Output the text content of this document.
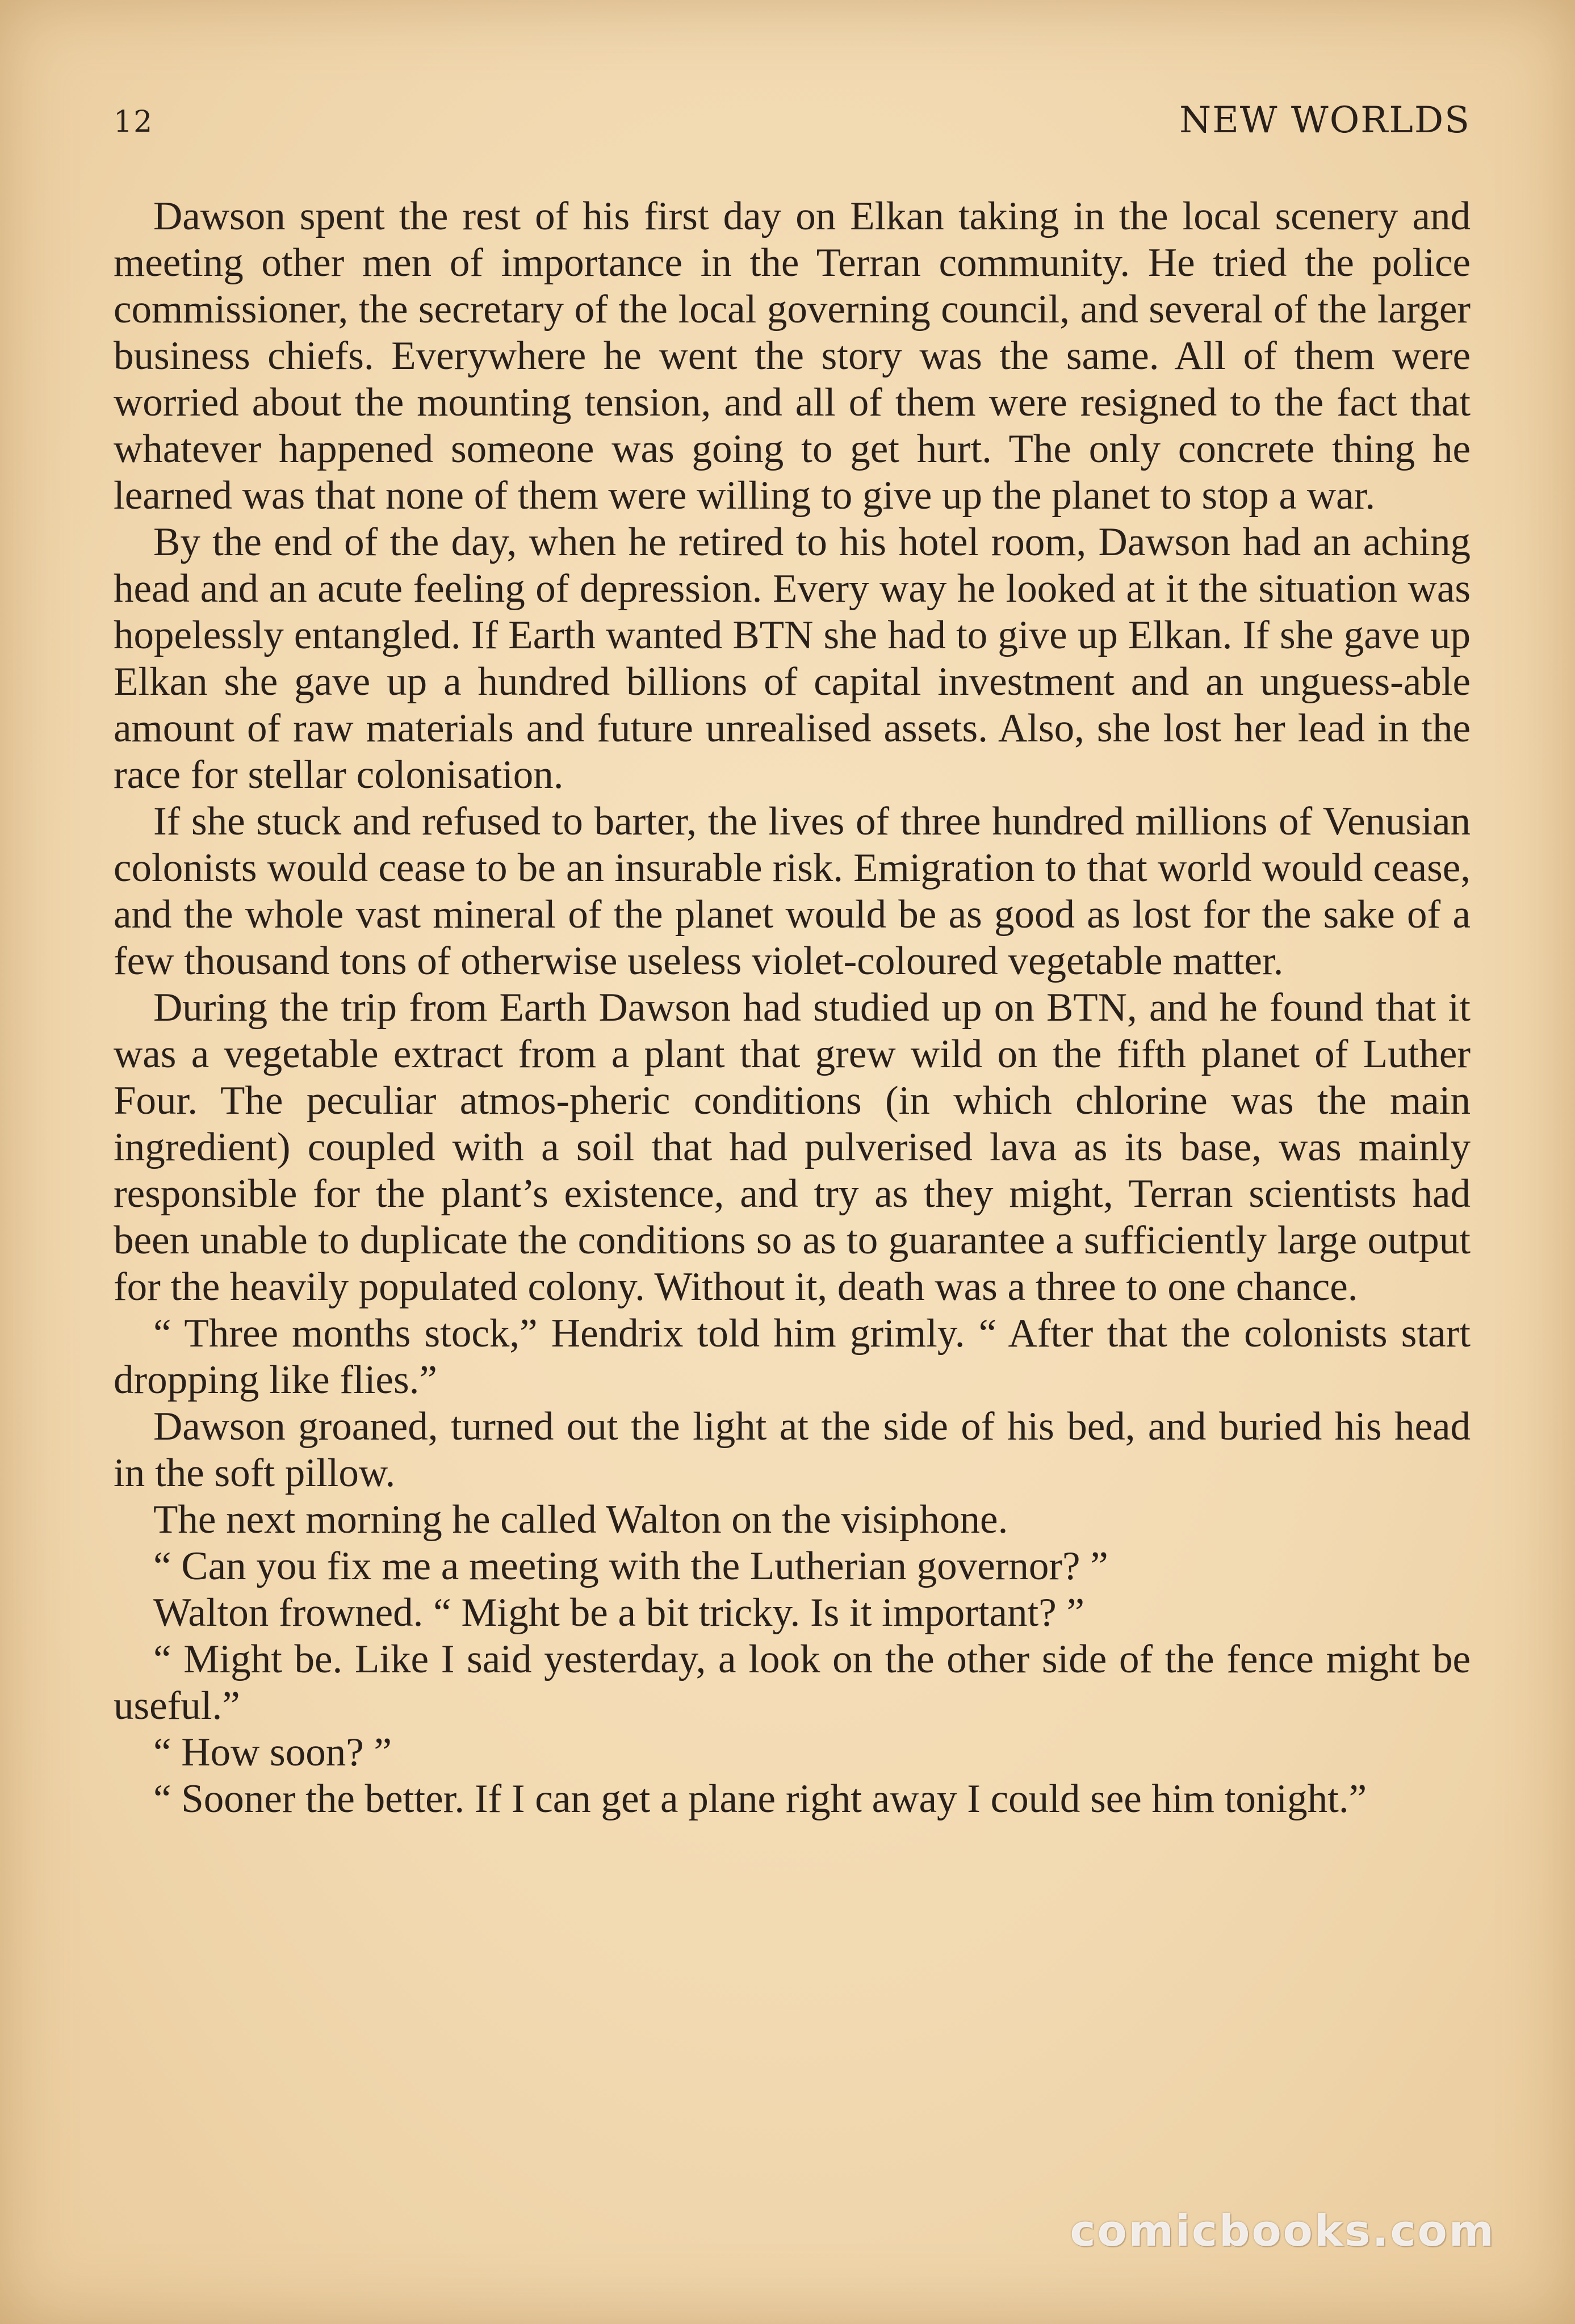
12	NEW WORLDS

Dawson spent the rest of his first day on Elkan taking in the local scenery and meeting other men of importance in the Terran community. He tried the police commissioner, the secretary of the local governing council, and several of the larger business chiefs. Everywhere he went the story was the same. All of them were worried about the mounting tension, and all of them were resigned to the fact that whatever happened someone was going to get hurt. The only concrete thing he learned was that none of them were willing to give up the planet to stop a war.

By the end of the day, when he retired to his hotel room, Dawson had an aching head and an acute feeling of depression. Every way he looked at it the situation was hopelessly entangled. If Earth wanted BTN she had to give up Elkan. If she gave up Elkan she gave up a hundred billions of capital investment and an unguess-able amount of raw materials and future unrealised assets. Also, she lost her lead in the race for stellar colonisation.

If she stuck and refused to barter, the lives of three hundred millions of Venusian colonists would cease to be an insurable risk. Emigration to that world would cease, and the whole vast mineral of the planet would be as good as lost for the sake of a few thousand tons of otherwise useless violet-coloured vegetable matter.

During the trip from Earth Dawson had studied up on BTN, and he found that it was a vegetable extract from a plant that grew wild on the fifth planet of Luther Four. The peculiar atmos-pheric conditions (in which chlorine was the main ingredient) coupled with a soil that had pulverised lava as its base, was mainly responsible for the plant’s existence, and try as they might, Terran scientists had been unable to duplicate the conditions so as to guarantee a sufficiently large output for the heavily populated colony. Without it, death was a three to one chance.

“ Three months stock,” Hendrix told him grimly. “ After that the colonists start dropping like flies.”

Dawson groaned, turned out the light at the side of his bed, and buried his head in the soft pillow.

The next morning he called Walton on the visiphone.

“ Can you fix me a meeting with the Lutherian governor? ”

Walton frowned. “ Might be a bit tricky. Is it important? ”

“ Might be. Like I said yesterday, a look on the other side of the fence might be useful.”

“ How soon? ”

“ Sooner the better. If I can get a plane right away I could see him tonight.”

comicbooks.com
